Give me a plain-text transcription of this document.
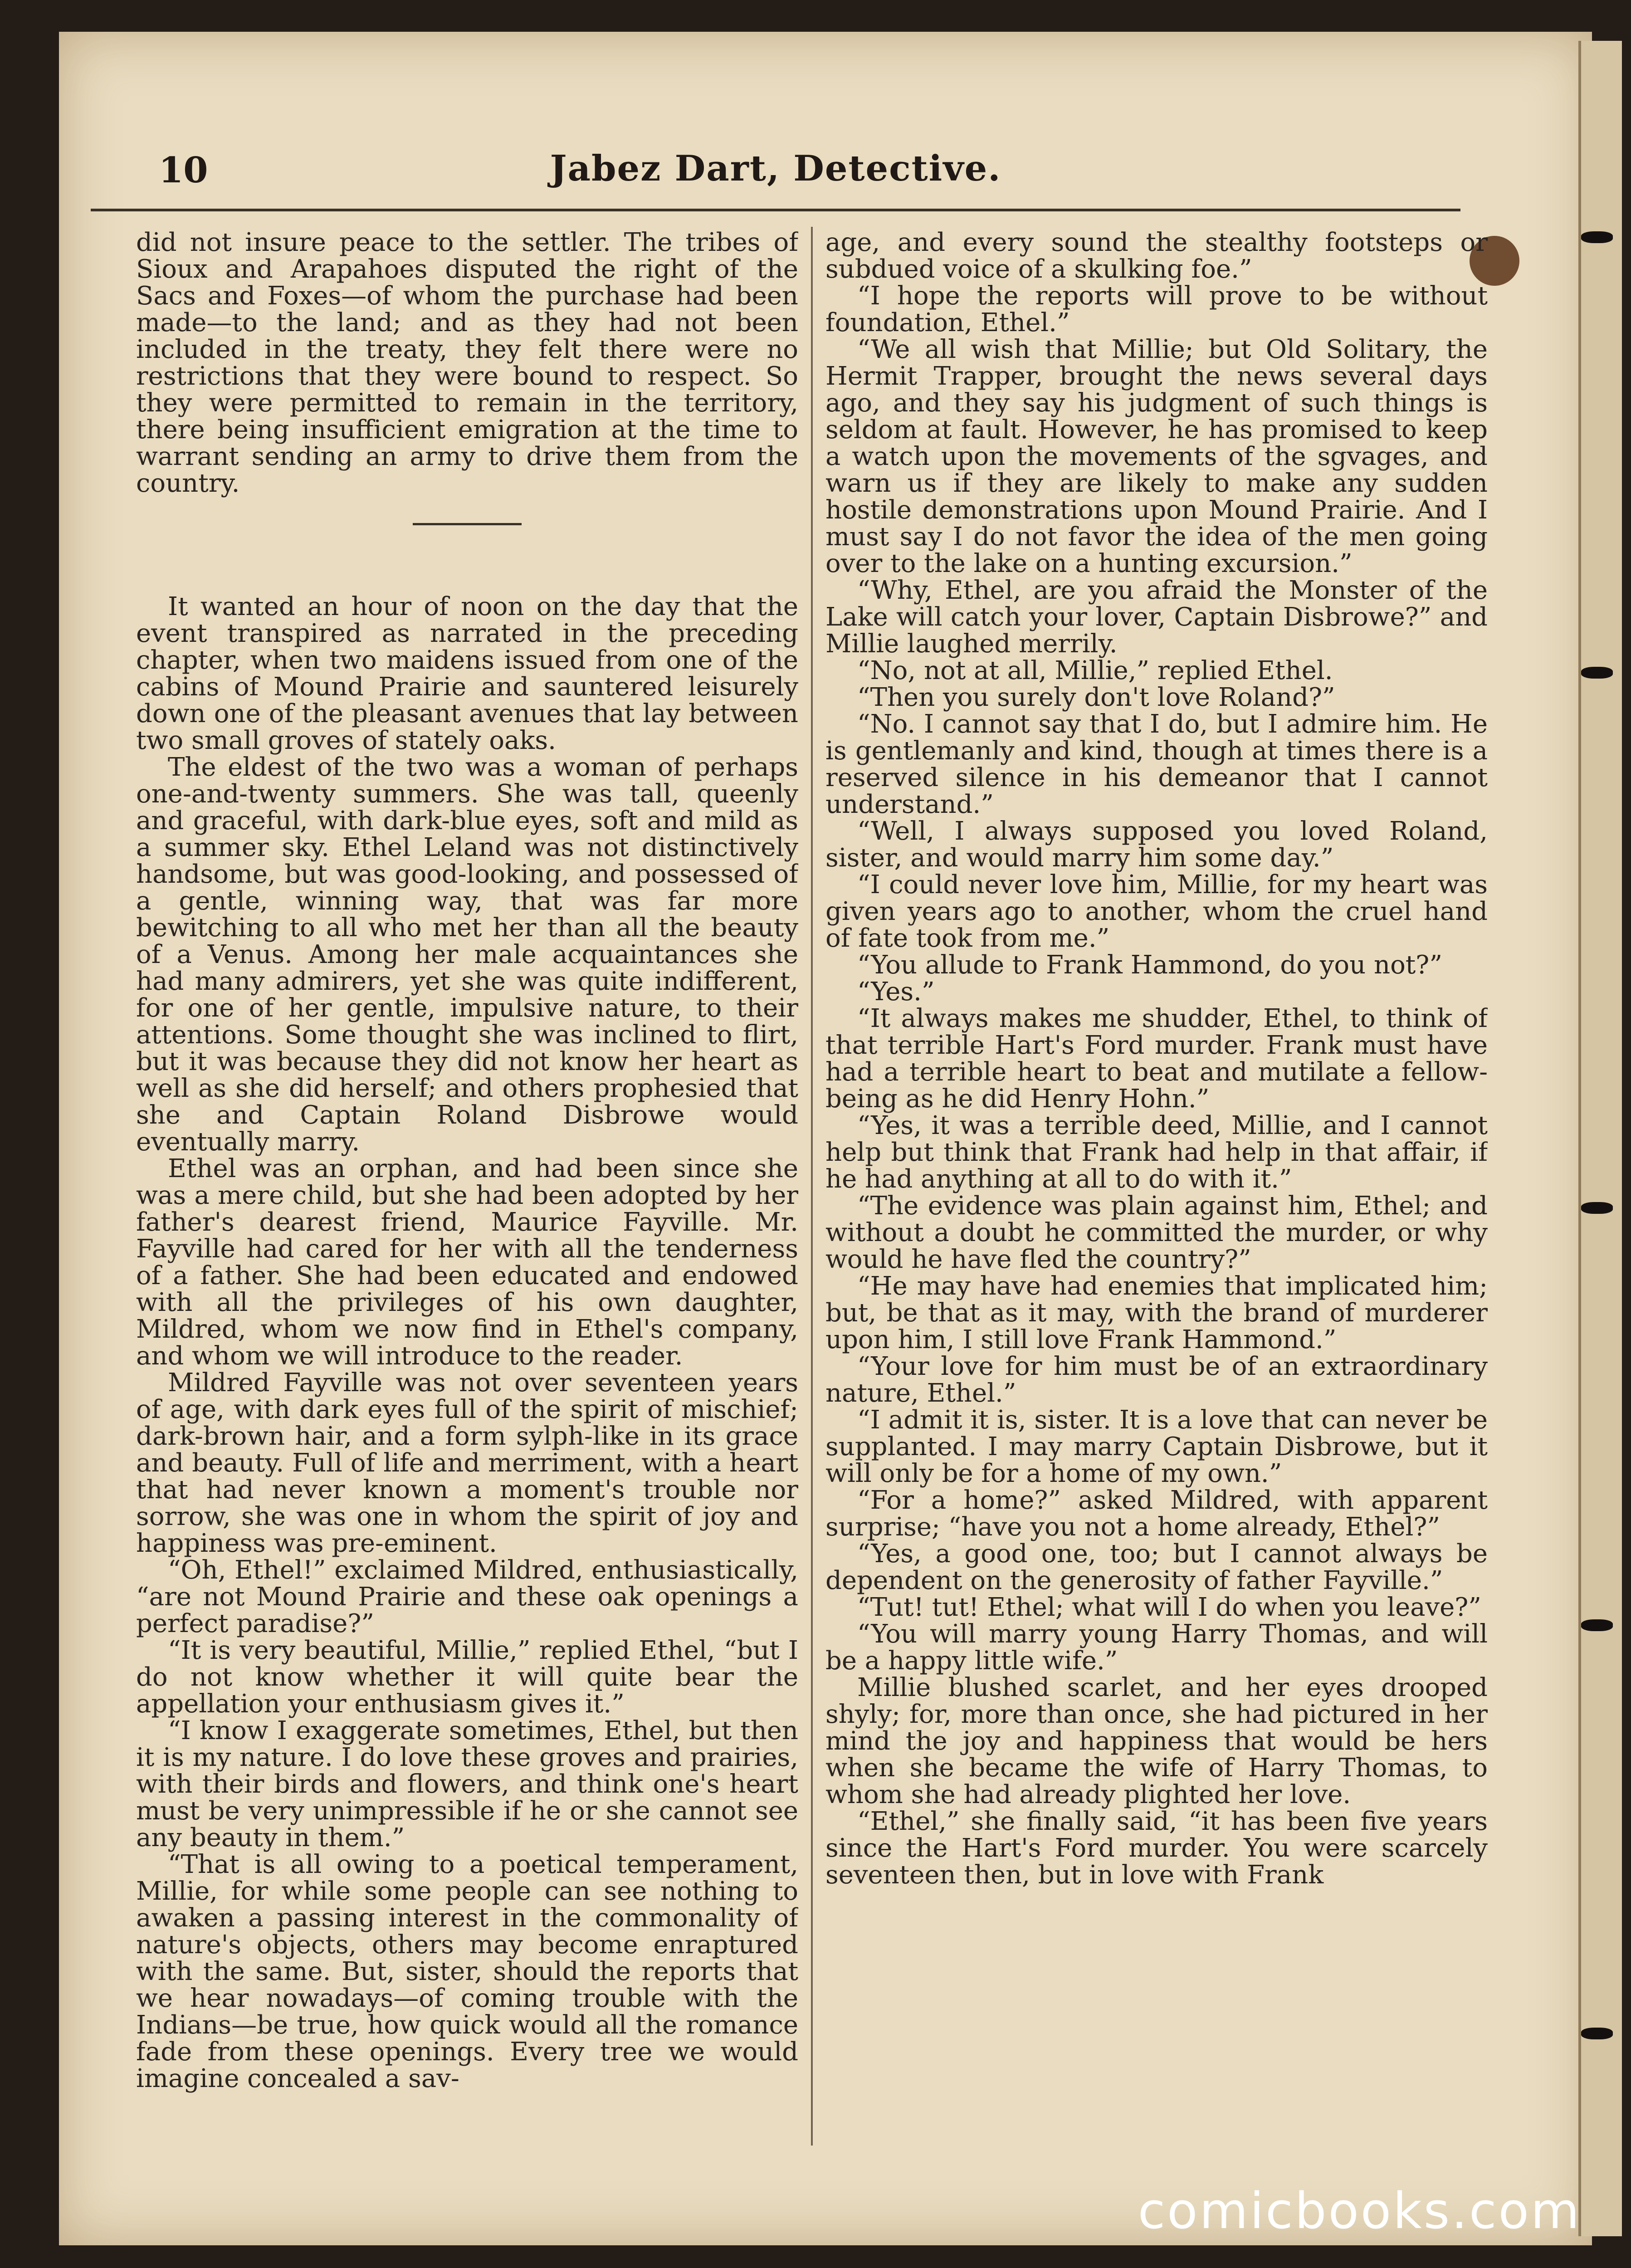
10	Jabez Dart, Detective.

did not insure peace to the settler. The tribes of Sioux and Arapahoes disputed the right of the Sacs and Foxes—of whom the purchase had been made—to the land; and as they had not been included in the treaty, they felt there were no restrictions that they were bound to respect. So they were permitted to remain in the territory, there being insufficient emigration at the time to warrant sending an army to drive them from the country.

It wanted an hour of noon on the day that the event transpired as narrated in the preceding chapter, when two maidens issued from one of the cabins of Mound Prairie and sauntered leisurely down one of the pleasant avenues that lay between two small groves of stately oaks.

The eldest of the two was a woman of perhaps one-and-twenty summers. She was tall, queenly and graceful, with dark-blue eyes, soft and mild as a summer sky. Ethel Leland was not distinctively handsome, but was good-looking, and possessed of a gentle, winning way, that was far more bewitching to all who met her than all the beauty of a Venus. Among her male acquaintances she had many admirers, yet she was quite indifferent, for one of her gentle, impulsive nature, to their attentions. Some thought she was inclined to flirt, but it was because they did not know her heart as well as she did herself; and others prophesied that she and Captain Roland Disbrowe would eventually marry.

Ethel was an orphan, and had been since she was a mere child, but she had been adopted by her father's dearest friend, Maurice Fayville. Mr. Fayville had cared for her with all the tenderness of a father. She had been educated and endowed with all the privileges of his own daughter, Mildred, whom we now find in Ethel's company, and whom we will introduce to the reader.

Mildred Fayville was not over seventeen years of age, with dark eyes full of the spirit of mischief; dark-brown hair, and a form sylph-like in its grace and beauty. Full of life and merriment, with a heart that had never known a moment's trouble nor sorrow, she was one in whom the spirit of joy and happiness was pre-eminent.

“Oh, Ethel!” exclaimed Mildred, enthusiastically, “are not Mound Prairie and these oak openings a perfect paradise?”

“It is very beautiful, Millie,” replied Ethel, “but I do not know whether it will quite bear the appellation your enthusiasm gives it.”

“I know I exaggerate sometimes, Ethel, but then it is my nature. I do love these groves and prairies, with their birds and flowers, and think one's heart must be very unimpressible if he or she cannot see any beauty in them.”

“That is all owing to a poetical temperament, Millie, for while some people can see nothing to awaken a passing interest in the commonality of nature's objects, others may become enraptured with the same. But, sister, should the reports that we hear nowadays—of coming trouble with the Indians—be true, how quick would all the romance fade from these openings. Every tree we would imagine concealed a sav-

age, and every sound the stealthy footsteps or subdued voice of a skulking foe.”

“I hope the reports will prove to be without foundation, Ethel.”

“We all wish that Millie; but Old Solitary, the Hermit Trapper, brought the news several days ago, and they say his judgment of such things is seldom at fault. However, he has promised to keep a watch upon the movements of the sgvages, and warn us if they are likely to make any sudden hostile demonstrations upon Mound Prairie. And I must say I do not favor the idea of the men going over to the lake on a hunting excursion.”

“Why, Ethel, are you afraid the Monster of the Lake will catch your lover, Captain Disbrowe?” and Millie laughed merrily.

“No, not at all, Millie,” replied Ethel.

“Then you surely don't love Roland?”

“No. I cannot say that I do, but I admire him. He is gentlemanly and kind, though at times there is a reserved silence in his demeanor that I cannot understand.”

“Well, I always supposed you loved Roland, sister, and would marry him some day.”

“I could never love him, Millie, for my heart was given years ago to another, whom the cruel hand of fate took from me.”

“You allude to Frank Hammond, do you not?”

“Yes.”

“It always makes me shudder, Ethel, to think of that terrible Hart's Ford murder. Frank must have had a terrible heart to beat and mutilate a fellow-being as he did Henry Hohn.”

“Yes, it was a terrible deed, Millie, and I cannot help but think that Frank had help in that affair, if he had anything at all to do with it.”

“The evidence was plain against him, Ethel; and without a doubt he committed the murder, or why would he have fled the country?”

“He may have had enemies that implicated him; but, be that as it may, with the brand of murderer upon him, I still love Frank Hammond.”

“Your love for him must be of an extraordinary nature, Ethel.”

“I admit it is, sister. It is a love that can never be supplanted. I may marry Captain Disbrowe, but it will only be for a home of my own.”

“For a home?” asked Mildred, with apparent surprise; “have you not a home already, Ethel?”

“Yes, a good one, too; but I cannot always be dependent on the generosity of father Fayville.”

“Tut! tut! Ethel; what will I do when you leave?”

“You will marry young Harry Thomas, and will be a happy little wife.”

Millie blushed scarlet, and her eyes drooped shyly; for, more than once, she had pictured in her mind the joy and happiness that would be hers when she became the wife of Harry Thomas, to whom she had already plighted her love.

“Ethel,” she finally said, “it has been five years since the Hart's Ford murder. You were scarcely seventeen then, but in love with Frank

comicbooks.com
